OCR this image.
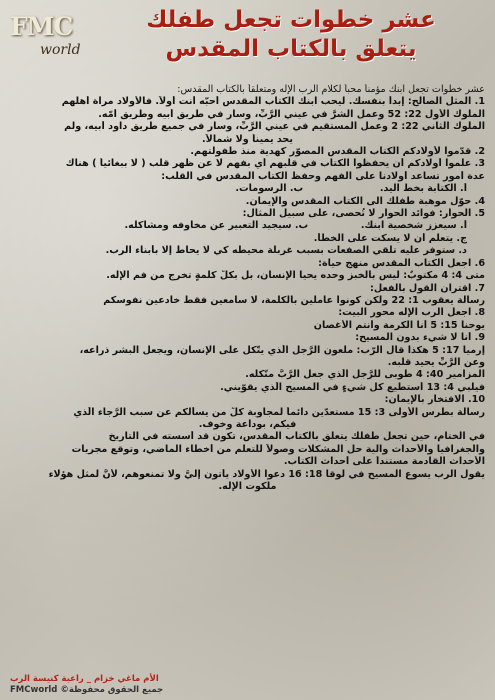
FMC
world
عشر خطوات تجعل طفلك
يتعلق بالكتاب المقدس
عشر خطوات تجعل ابنك مؤمناً محباً لكلام الرب الإله ومتعلّقاً بالكتاب المقدس:
1. المثل الصالح: إبدأ بنفسك. ليحب ابنك الكتاب المقدس أحبّه أنت أولاً. فالأولاد مرآة أهلهم
الملوك الأول 22: 52 وعمل الشرَّ في عيني الرَّبِّ، وسار في طريق أبيه وطريق أمّه.
الملوك الثاني 22: 2 وعمل المستقيم في عيني الرَّبِّ، وسار في جميع طريق داود أبيه، ولم
يحد يميناً ولا شمالاً.
2. قدّموا لأولادكم الكتاب المقدس المصوّر كهدية منذ طفولتهم.
3. علموا أولادكم أن يحفظوا الكتاب في قلبهم أي بفهم لا عن ظهر قلب ( لا ببغائياً ) هناك
عدة أمور تساعد أولادنا على الفهم وحفظ الكتاب المقدس في القلب:
أ. الكتابة بخط اليد.  ب. الرسومات.
4. حوّل موهبة طفلك الى الكتاب المقدس والإيمان.
5. الحوار: فوائد الحوار لا تُحصى، على سبيل المثال:
أ. سيعزز شخصية ابنك.  ب. سيجيد التعبير عن مخاوفه ومشاكله.
ج. يتعلم أن لا يسكت على الخطأ.
د. ستوفر عليه تلقي الصفعات بسبب غربلة محيطه كي لا يحاط إلا بأبناء الرب.
6. اجعل الكتاب المقدس منهج حياة:
متى 4: 4 مكتوبٌ: ليس بالخبز وحده يحيا الإنسان، بل بكلِّ كلمةٍ تخرج من فم الإله.
7. اقتران القول بالفعل:
رسالة يعقوب 1: 22 ولكن كونوا عاملين بالكلمة، لا سامعين فقط خادعين نفوسكم
8. اجعل الرب الإله محور البيت:
يوحنا 15: 5 أنا الكرمة وأنتم الأغصان
9. أنا لا شيء بدون المسيح:
إرميا 17: 5 هكذا قال الرّب: ملعون الرَّجل الَّذي يتّكل على الإنسان، ويجعل البشر ذراعه،
وعن الرَّبِّ يحيد قلبه.
المزامير 40: 4 طوبى للرَّجل الَّذي جعل الرَّبَّ متّكله.
فيلبي 4: 13 أستطيع كل شيءٍ في المسيح الَّذي يقوّيني.
10. الافتخار بالإيمان:
رسالة بطرس الأولى 3: 15 مستعدّين دائماً لمجاوبة كلِّ من يسألكم عن سبب الرَّجاء الَّذي
فيكم، بوداعة وخوف.
في الختام، حين تجعل طفلك يتعلق بالكتاب المقدس، تكون قد أسسته في التاريخ
والجغرافيا والأحداث والية حل المشكلات وصولاً للتعلم من أخطاء الماضي، وتوقع مجريات
الأحداث القادمة مستنداً على أحداث الكتاب.
يقول الرب يسوع المسيح في لوقا 18: 16 دعوا الأولاد يأتون إليَّ ولا تمنعوهم، لأنَّ لمثل هؤلاء
ملكوت الإله.
الأم ماغي خزام _ راعية كنيسة الرب
جميع الحقوق محفوظة© FMCworld
